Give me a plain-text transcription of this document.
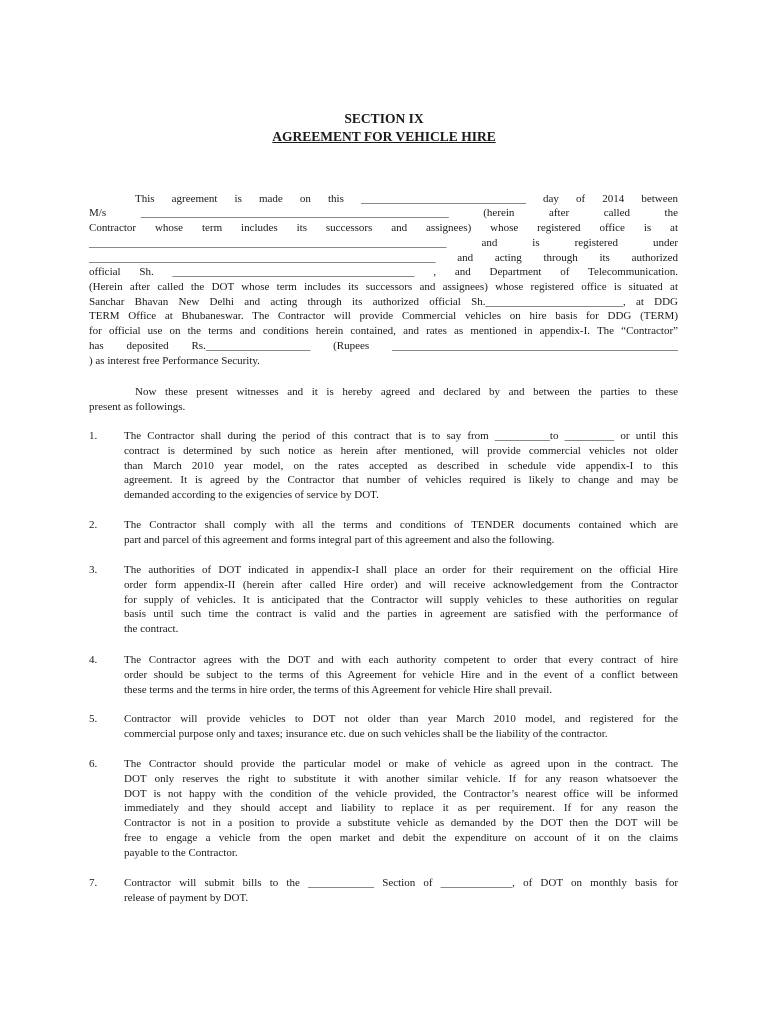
SECTION IX
AGREEMENT FOR VEHICLE HIRE
This agreement is made on this ______________________________ day of 2014 between
M/s ________________________________________________________ (herein after called the
Contractor whose term includes its successors and assignees) whose registered office is at
_________________________________________________________________ and is registered under
_______________________________________________________________ and acting through its authorized
official Sh. ____________________________________________ , and Department of Telecommunication.
(Herein after called the DOT whose term includes its successors and assignees) whose registered office is situated at
Sanchar Bhavan New Delhi and acting through its authorized official Sh._________________________, at DDG
TERM Office at Bhubaneswar. The Contractor will provide Commercial vehicles on hire basis for DDG (TERM)
for official use on the terms and conditions herein contained, and rates as mentioned in appendix-I. The “Contractor”
has deposited Rs.___________________ (Rupees ____________________________________________________
) as interest free Performance Security.
Now these present witnesses and it is hereby agreed and declared by and between the parties to these
present as followings.
1. The Contractor shall during the period of this contract that is to say from __________to _________ or until this
contract is determined by such notice as herein after mentioned, will provide commercial vehicles not older
than March 2010 year model, on the rates accepted as described in schedule vide appendix-I to this
agreement. It is agreed by the Contractor that number of vehicles required is likely to change and may be
demanded according to the exigencies of service by DOT.
2. The Contractor shall comply with all the terms and conditions of TENDER documents contained which are
part and parcel of this agreement and forms integral part of this agreement and also the following.
3. The authorities of DOT indicated in appendix-I shall place an order for their requirement on the official Hire
order form appendix-II (herein after called Hire order) and will receive acknowledgement from the Contractor
for supply of vehicles. It is anticipated that the Contractor will supply vehicles to these authorities on regular
basis until such time the contract is valid and the parties in agreement are satisfied with the performance of
the contract.
4. The Contractor agrees with the DOT and with each authority competent to order that every contract of hire
order should be subject to the terms of this Agreement for vehicle Hire and in the event of a conflict between
these terms and the terms in hire order, the terms of this Agreement for vehicle Hire shall prevail.
5. Contractor will provide vehicles to DOT not older than year March 2010 model, and registered for the
commercial purpose only and taxes; insurance etc. due on such vehicles shall be the liability of the contractor.
6. The Contractor should provide the particular model or make of vehicle as agreed upon in the contract. The
DOT only reserves the right to substitute it with another similar vehicle. If for any reason whatsoever the
DOT is not happy with the condition of the vehicle provided, the Contractor’s nearest office will be informed
immediately and they should accept and liability to replace it as per requirement. If for any reason the
Contractor is not in a position to provide a substitute vehicle as demanded by the DOT then the DOT will be
free to engage a vehicle from the open market and debit the expenditure on account of it on the claims
payable to the Contractor.
7. Contractor will submit bills to the ____________ Section of _____________, of DOT on monthly basis for
release of payment by DOT.
